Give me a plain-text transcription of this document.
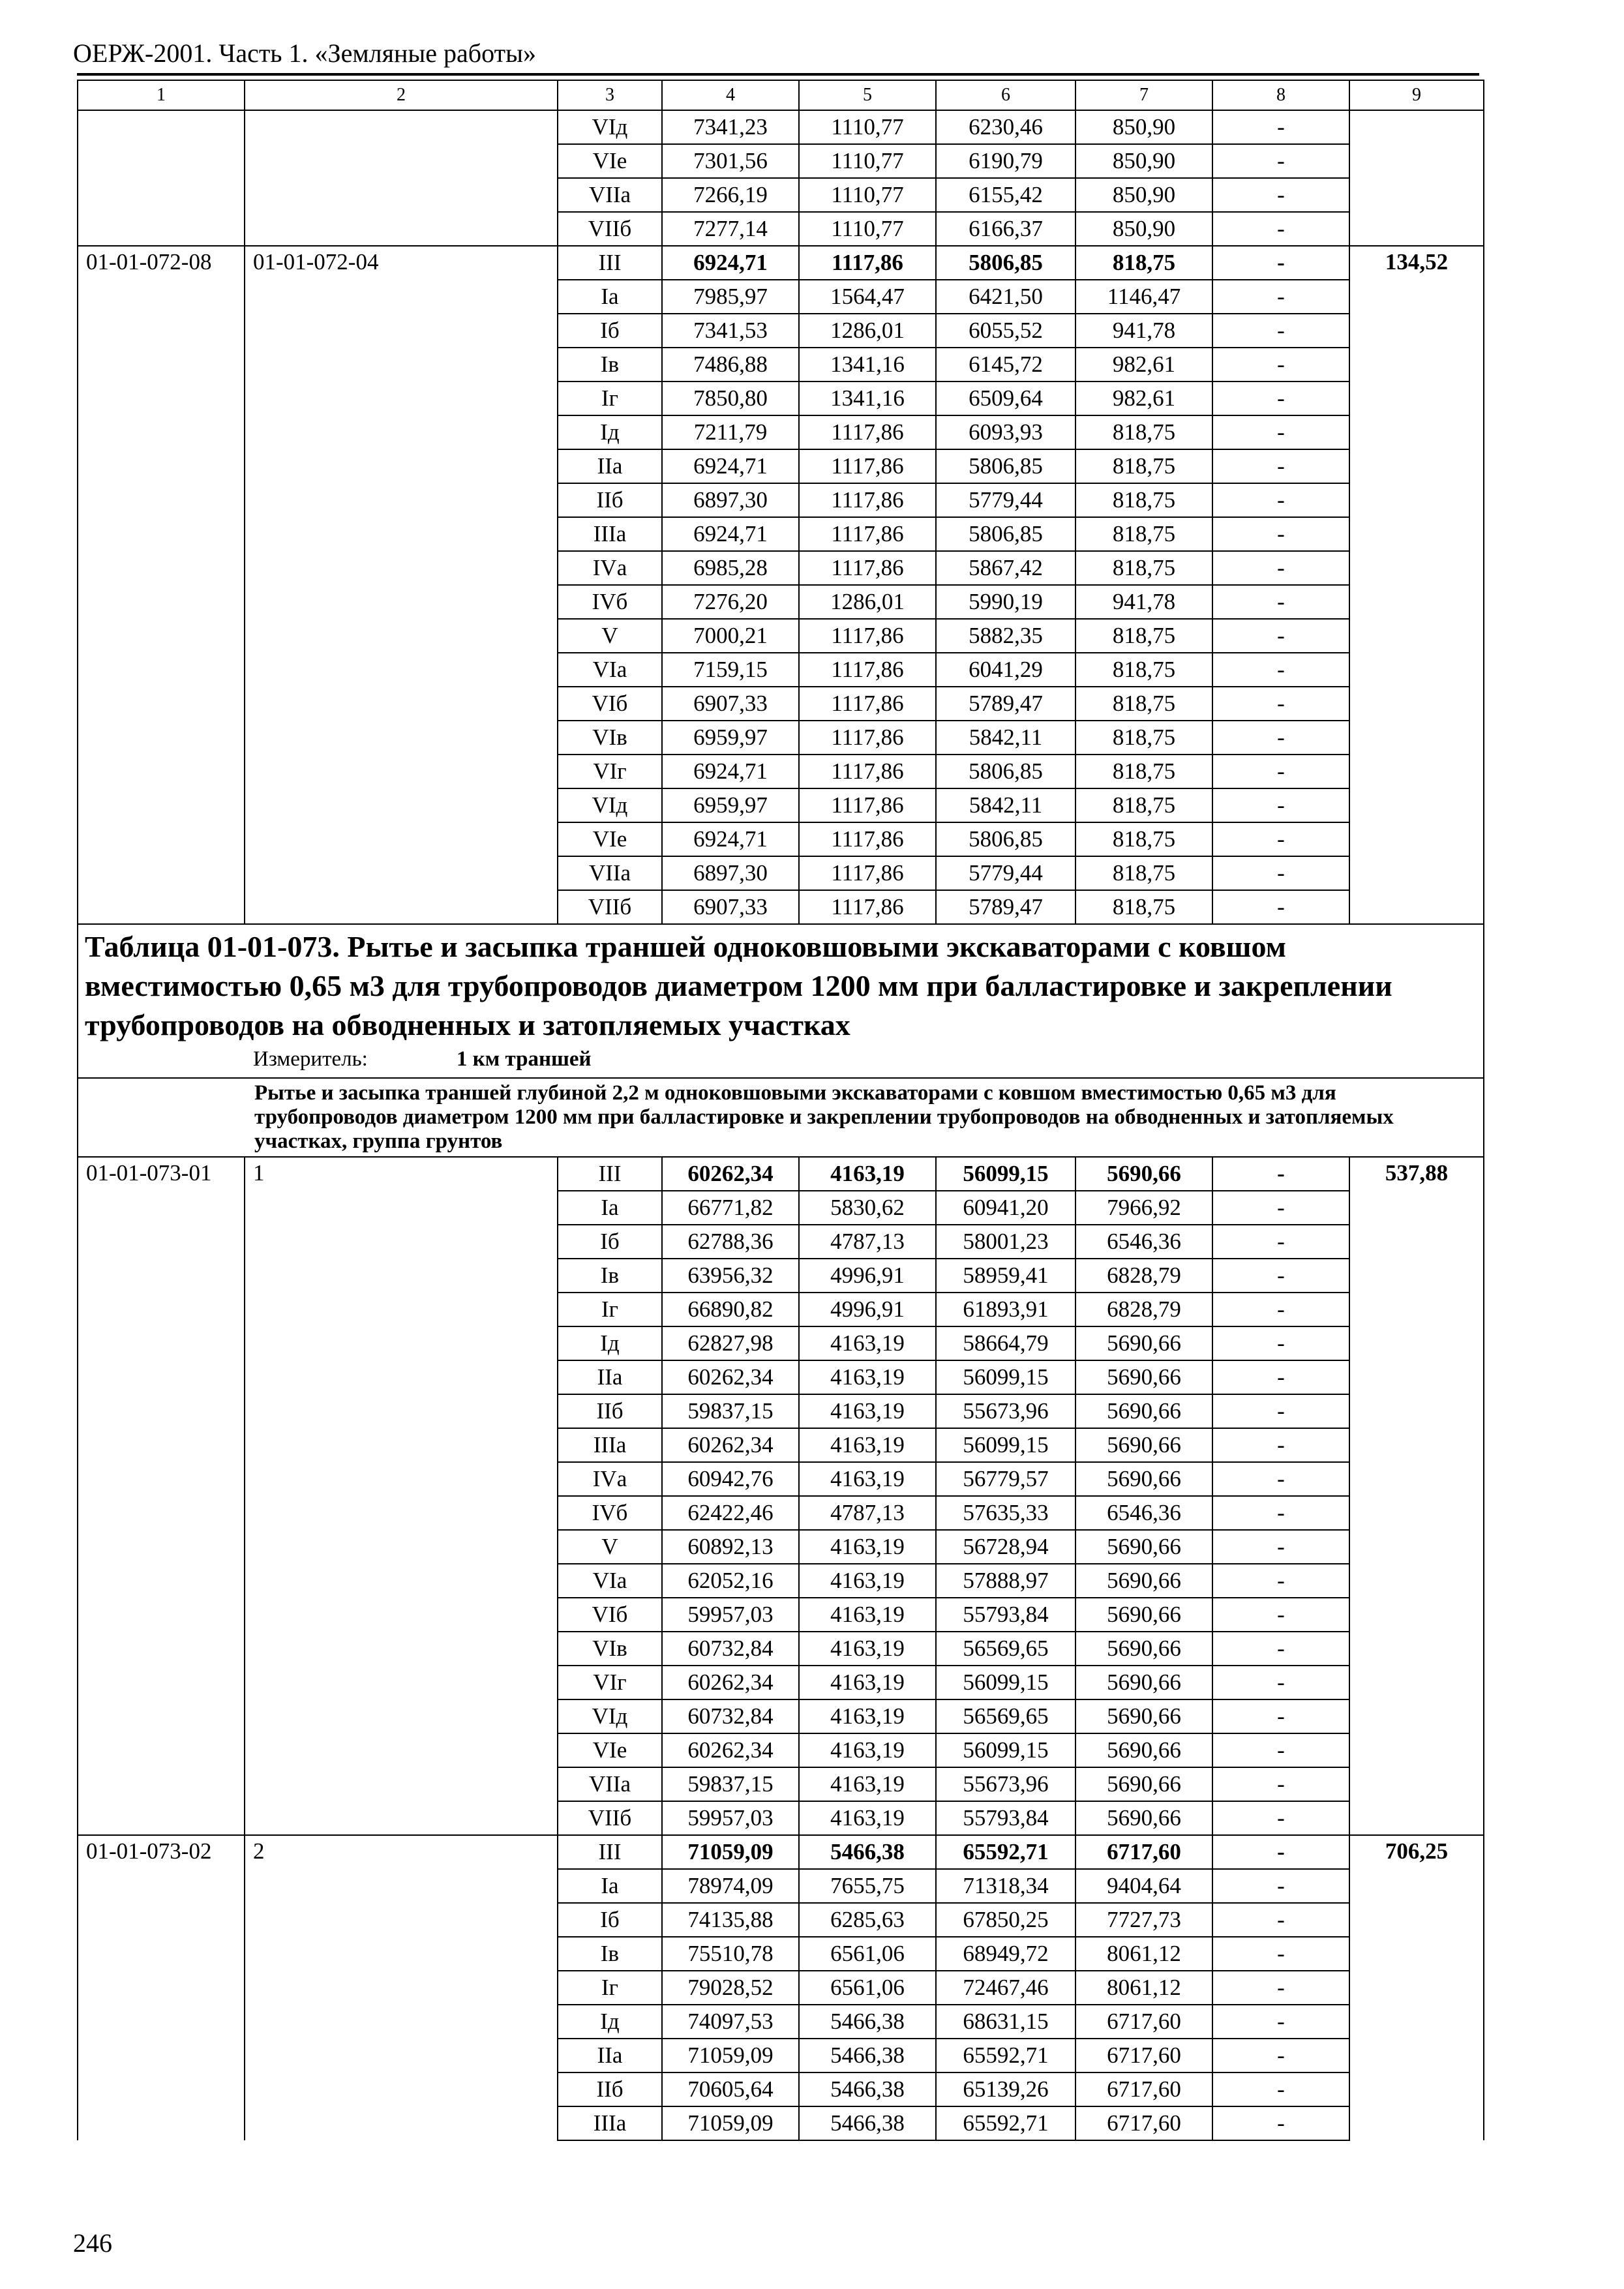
ОЕРЖ-2001. Часть 1. «Земляные работы»
1	2	3	4	5	6	7	8	9
		VIд	7341,23	1110,77	6230,46	850,90	-	
		VIе	7301,56	1110,77	6190,79	850,90	-	
		VIIа	7266,19	1110,77	6155,42	850,90	-	
		VIIб	7277,14	1110,77	6166,37	850,90	-	
01-01-072-08	01-01-072-04	III	6924,71	1117,86	5806,85	818,75	-	134,52
		Iа	7985,97	1564,47	6421,50	1146,47	-	
		Iб	7341,53	1286,01	6055,52	941,78	-	
		Iв	7486,88	1341,16	6145,72	982,61	-	
		Iг	7850,80	1341,16	6509,64	982,61	-	
		Iд	7211,79	1117,86	6093,93	818,75	-	
		IIа	6924,71	1117,86	5806,85	818,75	-	
		IIб	6897,30	1117,86	5779,44	818,75	-	
		IIIа	6924,71	1117,86	5806,85	818,75	-	
		IVа	6985,28	1117,86	5867,42	818,75	-	
		IVб	7276,20	1286,01	5990,19	941,78	-	
		V	7000,21	1117,86	5882,35	818,75	-	
		VIа	7159,15	1117,86	6041,29	818,75	-	
		VIб	6907,33	1117,86	5789,47	818,75	-	
		VIв	6959,97	1117,86	5842,11	818,75	-	
		VIг	6924,71	1117,86	5806,85	818,75	-	
		VIд	6959,97	1117,86	5842,11	818,75	-	
		VIе	6924,71	1117,86	5806,85	818,75	-	
		VIIа	6897,30	1117,86	5779,44	818,75	-	
		VIIб	6907,33	1117,86	5789,47	818,75	-	

Таблица 01-01-073. Рытье и засыпка траншей одноковшовыми экскаваторами с ковшом вместимостью 0,65 м3 для трубопроводов диаметром 1200 мм при балластировке и закреплении трубопроводов на обводненных и затопляемых участках
Измеритель: 1 км траншей								

Рытье и засыпка траншей глубиной 2,2 м одноковшовыми экскаваторами с ковшом вместимостью 0,65 м3 для трубопроводов диаметром 1200 мм при балластировке и закреплении трубопроводов на обводненных и затопляемых участках, группа грунтов								
01-01-073-01	1	III	60262,34	4163,19	56099,15	5690,66	-	537,88
		Iа	66771,82	5830,62	60941,20	7966,92	-	
		Iб	62788,36	4787,13	58001,23	6546,36	-	
		Iв	63956,32	4996,91	58959,41	6828,79	-	
		Iг	66890,82	4996,91	61893,91	6828,79	-	
		Iд	62827,98	4163,19	58664,79	5690,66	-	
		IIа	60262,34	4163,19	56099,15	5690,66	-	
		IIб	59837,15	4163,19	55673,96	5690,66	-	
		IIIа	60262,34	4163,19	56099,15	5690,66	-	
		IVа	60942,76	4163,19	56779,57	5690,66	-	
		IVб	62422,46	4787,13	57635,33	6546,36	-	
		V	60892,13	4163,19	56728,94	5690,66	-	
		VIа	62052,16	4163,19	57888,97	5690,66	-	
		VIб	59957,03	4163,19	55793,84	5690,66	-	
		VIв	60732,84	4163,19	56569,65	5690,66	-	
		VIг	60262,34	4163,19	56099,15	5690,66	-	
		VIд	60732,84	4163,19	56569,65	5690,66	-	
		VIе	60262,34	4163,19	56099,15	5690,66	-	
		VIIа	59837,15	4163,19	55673,96	5690,66	-	
		VIIб	59957,03	4163,19	55793,84	5690,66	-	
01-01-073-02	2	III	71059,09	5466,38	65592,71	6717,60	-	706,25
		Iа	78974,09	7655,75	71318,34	9404,64	-	
		Iб	74135,88	6285,63	67850,25	7727,73	-	
		Iв	75510,78	6561,06	68949,72	8061,12	-	
		Iг	79028,52	6561,06	72467,46	8061,12	-	
		Iд	74097,53	5466,38	68631,15	6717,60	-	
		IIа	71059,09	5466,38	65592,71	6717,60	-	
		IIб	70605,64	5466,38	65139,26	6717,60	-	
		IIIа	71059,09	5466,38	65592,71	6717,60	-	
246
